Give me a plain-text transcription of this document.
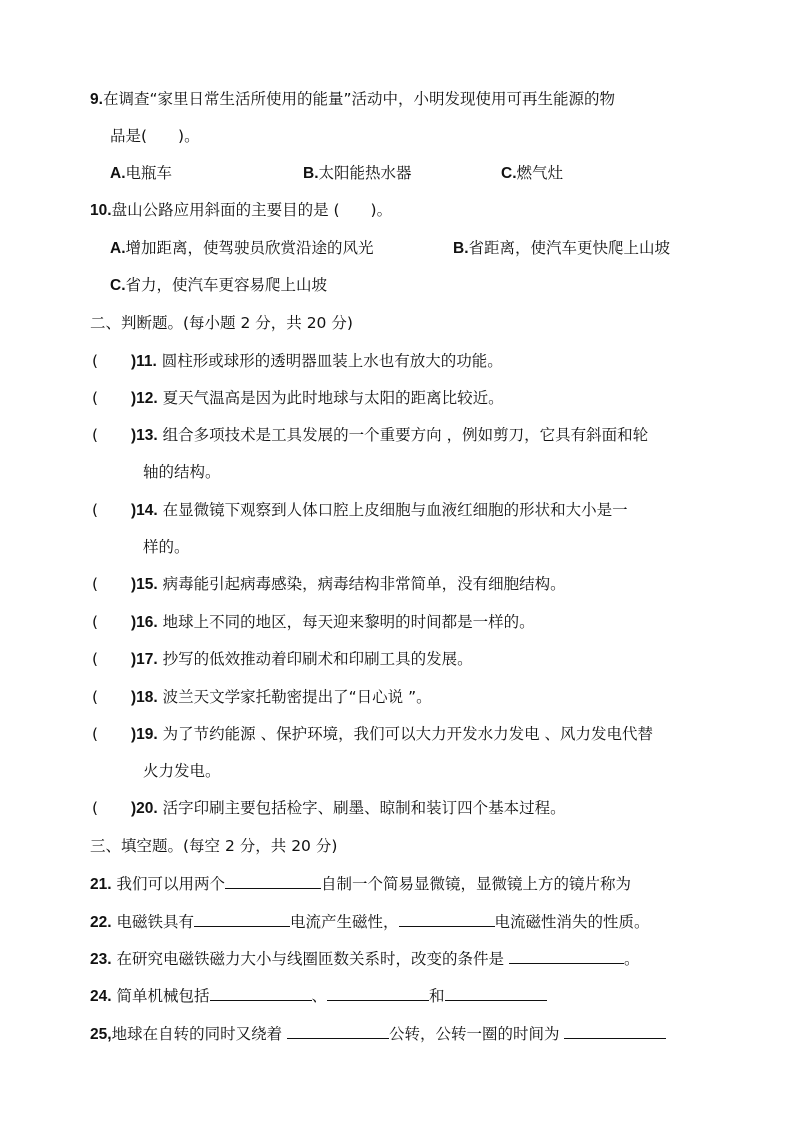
9.在调查“家里日常生活所使用的能量”活动中，小明发现使用可再生能源的物
品是(　　)。
A.电瓶车	B.太阳能热水器	C.燃气灶
10.盘山公路应用斜面的主要目的是 (　　)。
A.增加距离，使驾驶员欣赏沿途的风光	B.省距离，使汽车更快爬上山坡
C.省力，使汽车更容易爬上山坡
二、判断题。(每小题 2 分，共 20 分)
( )11. 圆柱形或球形的透明器皿装上水也有放大的功能。
( )12. 夏天气温高是因为此时地球与太阳的距离比较近。
( )13. 组合多项技术是工具发展的一个重要方向 ，例如剪刀，它具有斜面和轮
轴的结构。
( )14. 在显微镜下观察到人体口腔上皮细胞与血液红细胞的形状和大小是一
样的。
( )15. 病毒能引起病毒感染，病毒结构非常简单，没有细胞结构。
( )16. 地球上不同的地区，每天迎来黎明的时间都是一样的。
( )17. 抄写的低效推动着印刷术和印刷工具的发展。
( )18. 波兰天文学家托勒密提出了“日心说 ”。
( )19. 为了节约能源 、保护环境，我们可以大力开发水力发电 、风力发电代替
火力发电。
( )20. 活字印刷主要包括检字、刷墨、晾制和装订四个基本过程。
三、填空题。(每空 2 分，共 20 分)
21. 我们可以用两个	自制一个简易显微镜，显微镜上方的镜片称为
22. 电磁铁具有	电流产生磁性，	电流磁性消失的性质。
23. 在研究电磁铁磁力大小与线圈匝数关系时，改变的条件是	。
24. 简单机械包括	、	和
25,地球在自转的同时又绕着	公转，公转一圈的时间为
